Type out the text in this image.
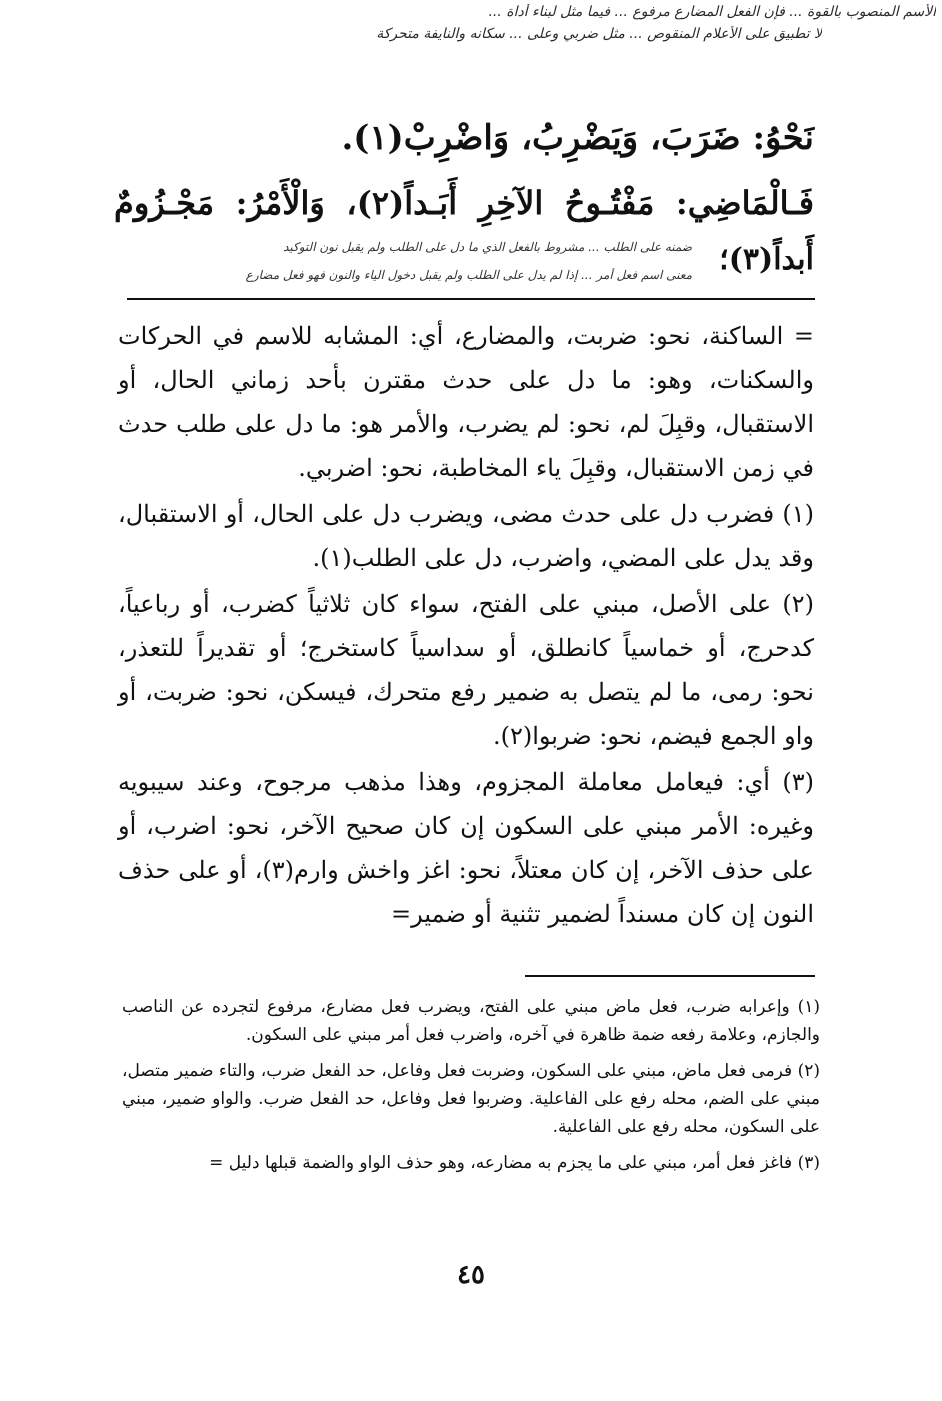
الأسم المنصوب بالقوة ... فإن الفعل المضارع مرفوع ... فيما مثل لبناء أداة ...
لا تطبيق على الأعلام المنقوص ... مثل ضربي وعلى ... سكانه والنايفة متحركة
نَحْوُ: ضَرَبَ، وَيَضْرِبُ، وَاضْرِبْ(١).
فَـالْمَاضِي: مَفْتُـوحُ الآخِرِ أَبَـداً(٢)، وَالْأَمْرُ: مَجْـزُومٌ
أَبداً(٣)؛
ضمنه على الطلب ... مشروط بالفعل الذي ما دل على الطلب ولم يقبل نون التوكيد
معنى اسم فعل أمر ... إذا لم يدل على الطلب ولم يقبل دخول الياء والنون فهو فعل مضارع

= الساكنة، نحو: ضربت، والمضارع، أي: المشابه للاسم في الحركات والسكنات، وهو: ما دل على حدث مقترن بأحد زماني الحال، أو الاستقبال، وقبِلَ لم، نحو: لم يضرب، والأمر هو: ما دل على طلب حدث في زمن الاستقبال، وقبِلَ ياء المخاطبة، نحو: اضربي.

(١) فضرب دل على حدث مضى، ويضرب دل على الحال، أو الاستقبال، وقد يدل على المضي، واضرب، دل على الطلب(١).

(٢) على الأصل، مبني على الفتح، سواء كان ثلاثياً كضرب، أو رباعياً، كدحرج، أو خماسياً كانطلق، أو سداسياً كاستخرج؛ أو تقديراً للتعذر، نحو: رمى، ما لم يتصل به ضمير رفع متحرك، فيسكن، نحو: ضربت، أو واو الجمع فيضم، نحو: ضربوا(٢).

(٣) أي: فيعامل معاملة المجزوم، وهذا مذهب مرجوح، وعند سيبويه وغيره: الأمر مبني على السكون إن كان صحيح الآخر، نحو: اضرب، أو على حذف الآخر، إن كان معتلاً، نحو: اغز واخش وارم(٣)، أو على حذف النون إن كان مسنداً لضمير تثنية أو ضمير=

(١) وإعرابه ضرب، فعل ماض مبني على الفتح، ويضرب فعل مضارع، مرفوع لتجرده عن الناصب والجازم، وعلامة رفعه ضمة ظاهرة في آخره، واضرب فعل أمر مبني على السكون.

(٢) فرمى فعل ماض، مبني على السكون، وضربت فعل وفاعل، حد الفعل ضرب، والتاء ضمير متصل، مبني على الضم، محله رفع على الفاعلية. وضربوا فعل وفاعل، حد الفعل ضرب. والواو ضمير، مبني على السكون، محله رفع على الفاعلية.

(٣) فاغز فعل أمر، مبني على ما يجزم به مضارعه، وهو حذف الواو والضمة قبلها دليل =

٤٥
